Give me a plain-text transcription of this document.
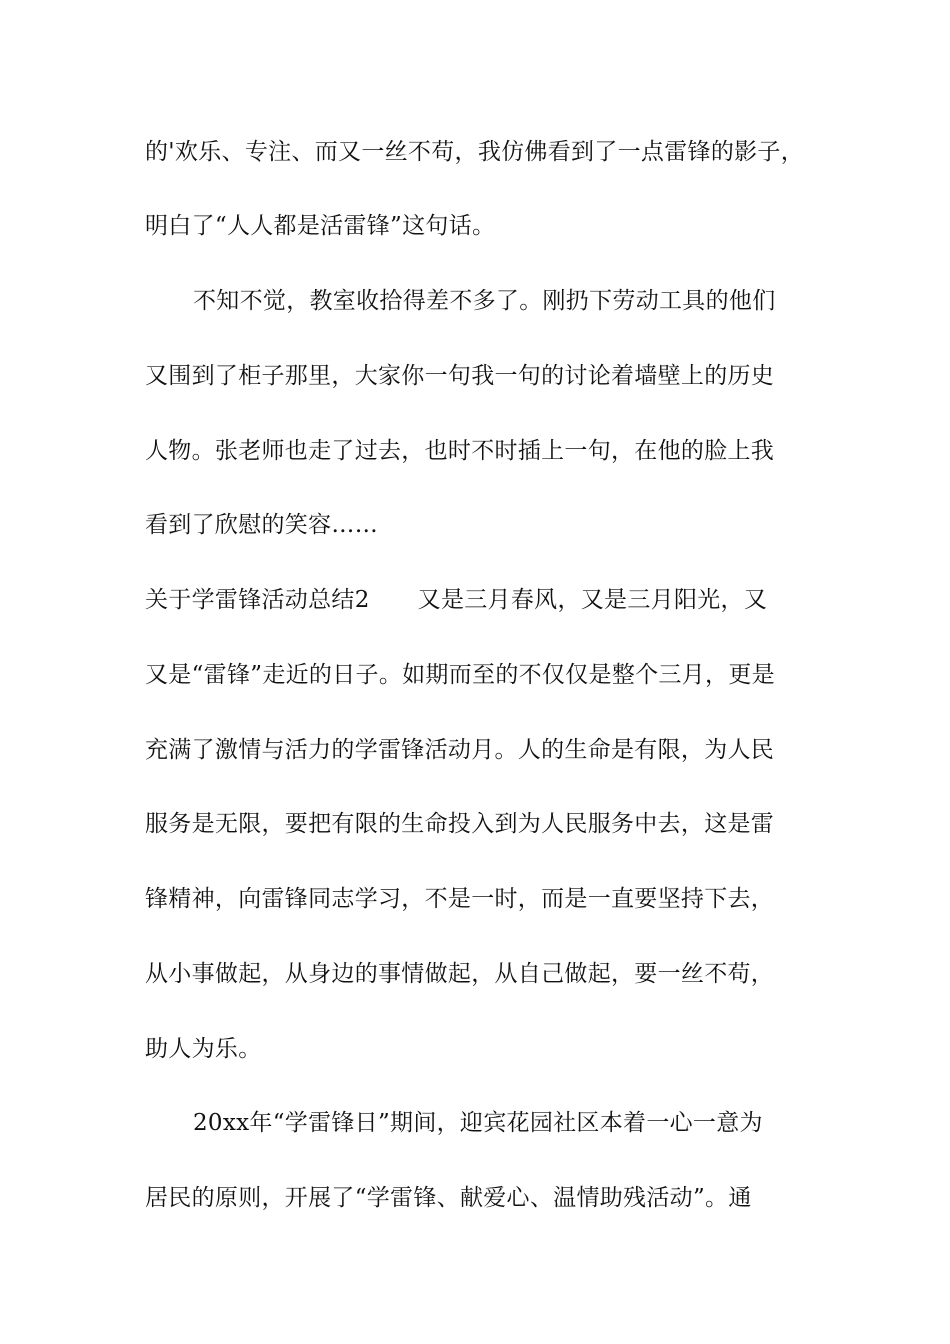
的'欢乐、专注、而又一丝不苟，我仿佛看到了一点雷锋的影子，
明白了“人人都是活雷锋”这句话。
不知不觉，教室收拾得差不多了。刚扔下劳动工具的他们
又围到了柜子那里，大家你一句我一句的讨论着墙壁上的历史
人物。张老师也走了过去，也时不时插上一句，在他的脸上我
看到了欣慰的笑容……
关于学雷锋活动总结2 又是三月春风，又是三月阳光，又
又是“雷锋”走近的日子。如期而至的不仅仅是整个三月，更是
充满了激情与活力的学雷锋活动月。人的生命是有限，为人民
服务是无限，要把有限的生命投入到为人民服务中去，这是雷
锋精神，向雷锋同志学习，不是一时，而是一直要坚持下去，
从小事做起，从身边的事情做起，从自己做起，要一丝不苟，
助人为乐。
20xx年“学雷锋日”期间，迎宾花园社区本着一心一意为
居民的原则，开展了“学雷锋、献爱心、温情助残活动”。通
